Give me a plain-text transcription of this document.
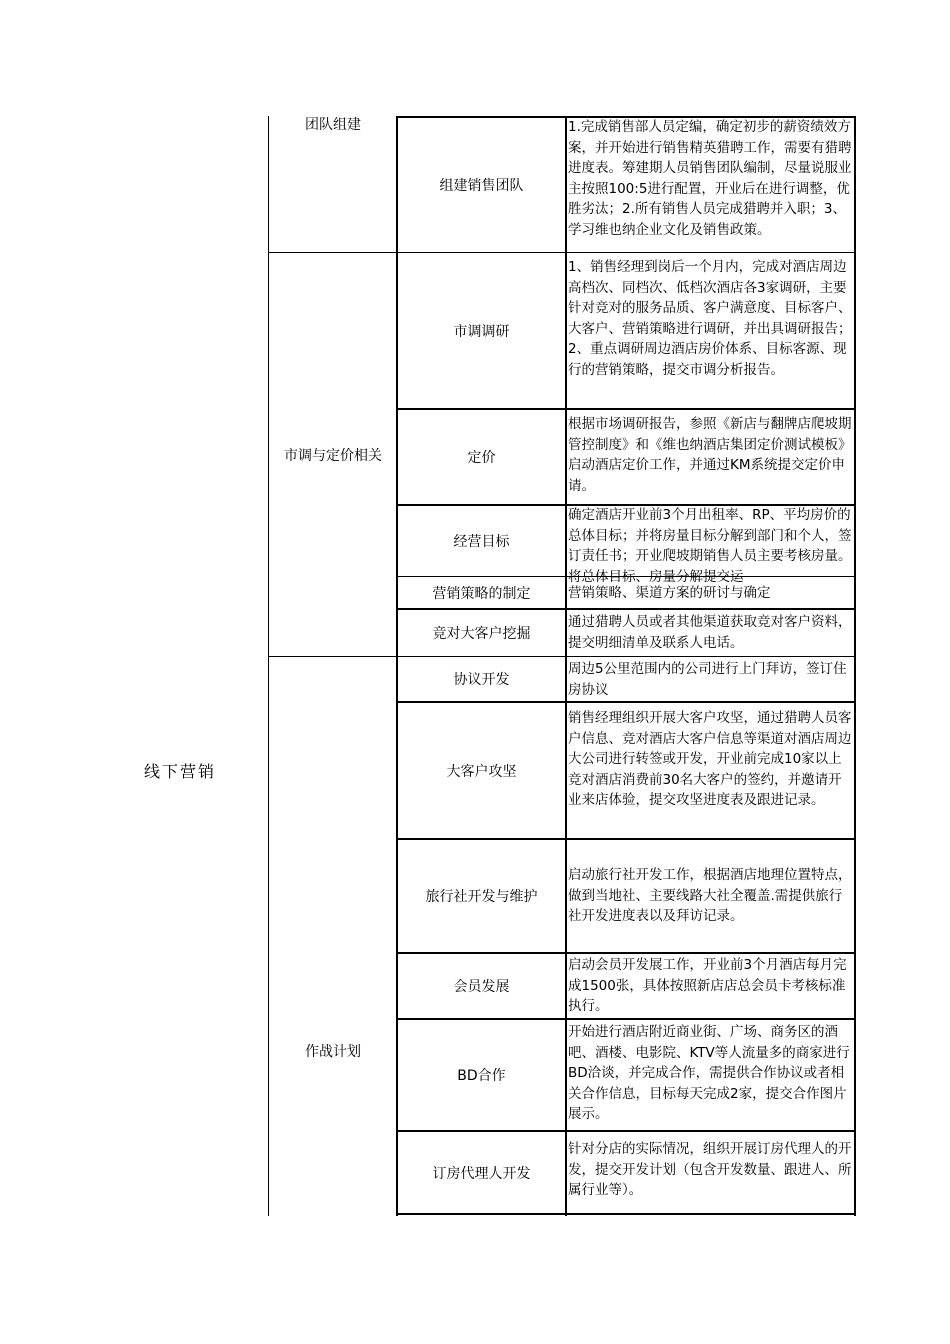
线下营销
团队组建
市调与定价相关
作战计划
组建销售团队
市调调研
定价
经营目标
营销策略的制定
竞对大客户挖掘
协议开发
大客户攻坚
旅行社开发与维护
会员发展
BD合作
订房代理人开发
1.完成销售部人员定编，确定初步的薪资绩效方案，并开始进行销售精英猎聘工作，需要有猎聘进度表。筹建期人员销售团队编制，尽量说服业主按照100:5进行配置，开业后在进行调整，优胜劣汰；2.所有销售人员完成猎聘并入职；3、学习维也纳企业文化及销售政策。
1、销售经理到岗后一个月内，完成对酒店周边高档次、同档次、低档次酒店各3家调研，主要针对竞对的服务品质、客户满意度、目标客户、大客户、营销策略进行调研，并出具调研报告；2、重点调研周边酒店房价体系、目标客源、现行的营销策略，提交市调分析报告。
根据市场调研报告，参照《新店与翻牌店爬坡期管控制度》和《维也纳酒店集团定价测试模板》启动酒店定价工作，并通过KM系统提交定价申请。
确定酒店开业前3个月出租率、RP、平均房价的总体目标；并将房量目标分解到部门和个人，签订责任书；开业爬坡期销售人员主要考核房量。将总体目标、房量分解提交运
营销策略、渠道方案的研讨与确定
通过猎聘人员或者其他渠道获取竞对客户资料，提交明细清单及联系人电话。
周边5公里范围内的公司进行上门拜访，签订住房协议
销售经理组织开展大客户攻坚，通过猎聘人员客户信息、竞对酒店大客户信息等渠道对酒店周边大公司进行转签或开发，开业前完成10家以上竞对酒店消费前30名大客户的签约，并邀请开业来店体验，提交攻坚进度表及跟进记录。
启动旅行社开发工作，根据酒店地理位置特点，做到当地社、主要线路大社全覆盖.需提供旅行社开发进度表以及拜访记录。
启动会员开发展工作，开业前3个月酒店每月完成1500张，具体按照新店店总会员卡考核标准执行。
开始进行酒店附近商业街、广场、商务区的酒吧、酒楼、电影院、KTV等人流量多的商家进行BD洽谈，并完成合作，需提供合作协议或者相关合作信息，目标每天完成2家，提交合作图片展示。
针对分店的实际情况，组织开展订房代理人的开发，提交开发计划（包含开发数量、跟进人、所属行业等）。
